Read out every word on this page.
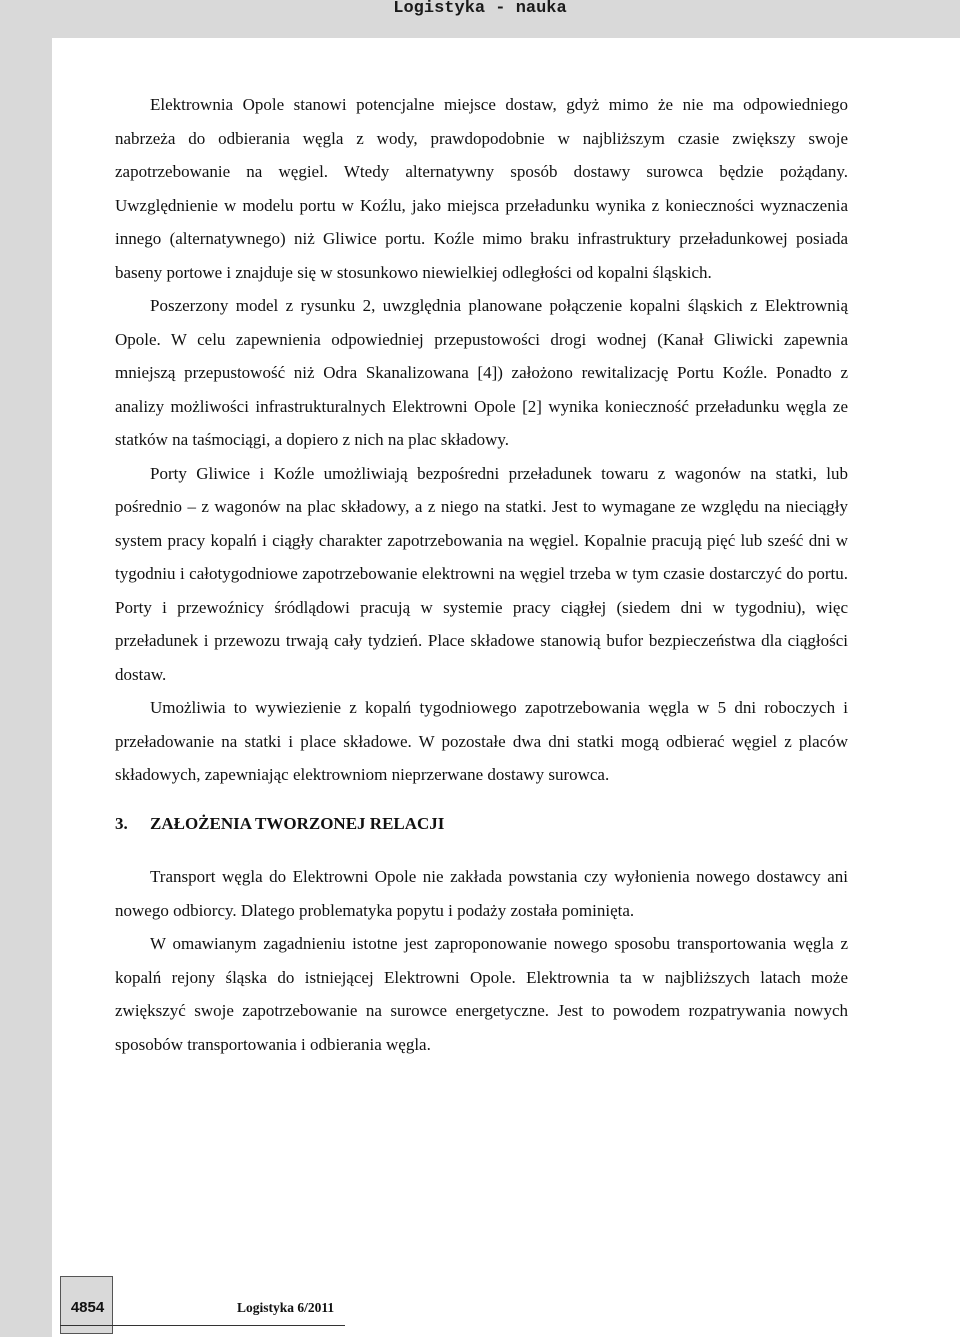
Logistyka - nauka

Elektrownia Opole stanowi potencjalne miejsce dostaw, gdyż mimo że nie ma odpowiedniego nabrzeża do odbierania węgla z wody, prawdopodobnie w najbliższym czasie zwiększy swoje zapotrzebowanie na węgiel. Wtedy alternatywny sposób dostawy surowca będzie pożądany. Uwzględnienie w modelu portu w Koźlu, jako miejsca przeładunku wynika z konieczności wyznaczenia innego (alternatywnego) niż Gliwice portu. Koźle mimo braku infrastruktury przeładunkowej posiada baseny portowe i znajduje się w stosunkowo niewielkiej odległości od kopalni śląskich.

Poszerzony model z rysunku 2, uwzględnia planowane połączenie kopalni śląskich z Elektrownią Opole. W celu zapewnienia odpowiedniej przepustowości drogi wodnej (Kanał Gliwicki zapewnia mniejszą przepustowość niż Odra Skanalizowana [4]) założono rewitalizację Portu Koźle. Ponadto z analizy możliwości infrastrukturalnych Elektrowni Opole [2] wynika konieczność przeładunku węgla ze statków na taśmociągi, a dopiero z nich na plac składowy.

Porty Gliwice i Koźle umożliwiają bezpośredni przeładunek towaru z wagonów na statki, lub pośrednio – z wagonów na plac składowy, a z niego na statki. Jest to wymagane ze względu na nieciągły system pracy kopalń i ciągły charakter zapotrzebowania na węgiel. Kopalnie pracują pięć lub sześć dni w tygodniu i całotygodniowe zapotrzebowanie elektrowni na węgiel trzeba w tym czasie dostarczyć do portu. Porty i przewoźnicy śródlądowi pracują w systemie pracy ciągłej (siedem dni w tygodniu), więc przeładunek i przewozu trwają cały tydzień. Place składowe stanowią bufor bezpieczeństwa dla ciągłości dostaw.

Umożliwia to wywiezienie z kopalń tygodniowego zapotrzebowania węgla w 5 dni roboczych i przeładowanie na statki i place składowe. W pozostałe dwa dni statki mogą odbierać węgiel z placów składowych, zapewniając elektrowniom nieprzerwane dostawy surowca.

3. ZAŁOŻENIA TWORZONEJ RELACJI

Transport węgla do Elektrowni Opole nie zakłada powstania czy wyłonienia nowego dostawcy ani nowego odbiorcy. Dlatego problematyka popytu i podaży została pominięta.

W omawianym zagadnieniu istotne jest zaproponowanie nowego sposobu transportowania węgla z kopalń rejony śląska do istniejącej Elektrowni Opole. Elektrownia ta w najbliższych latach może zwiększyć swoje zapotrzebowanie na surowce energetyczne. Jest to powodem rozpatrywania nowych sposobów transportowania i odbierania węgla.

4854	Logistyka 6/2011
